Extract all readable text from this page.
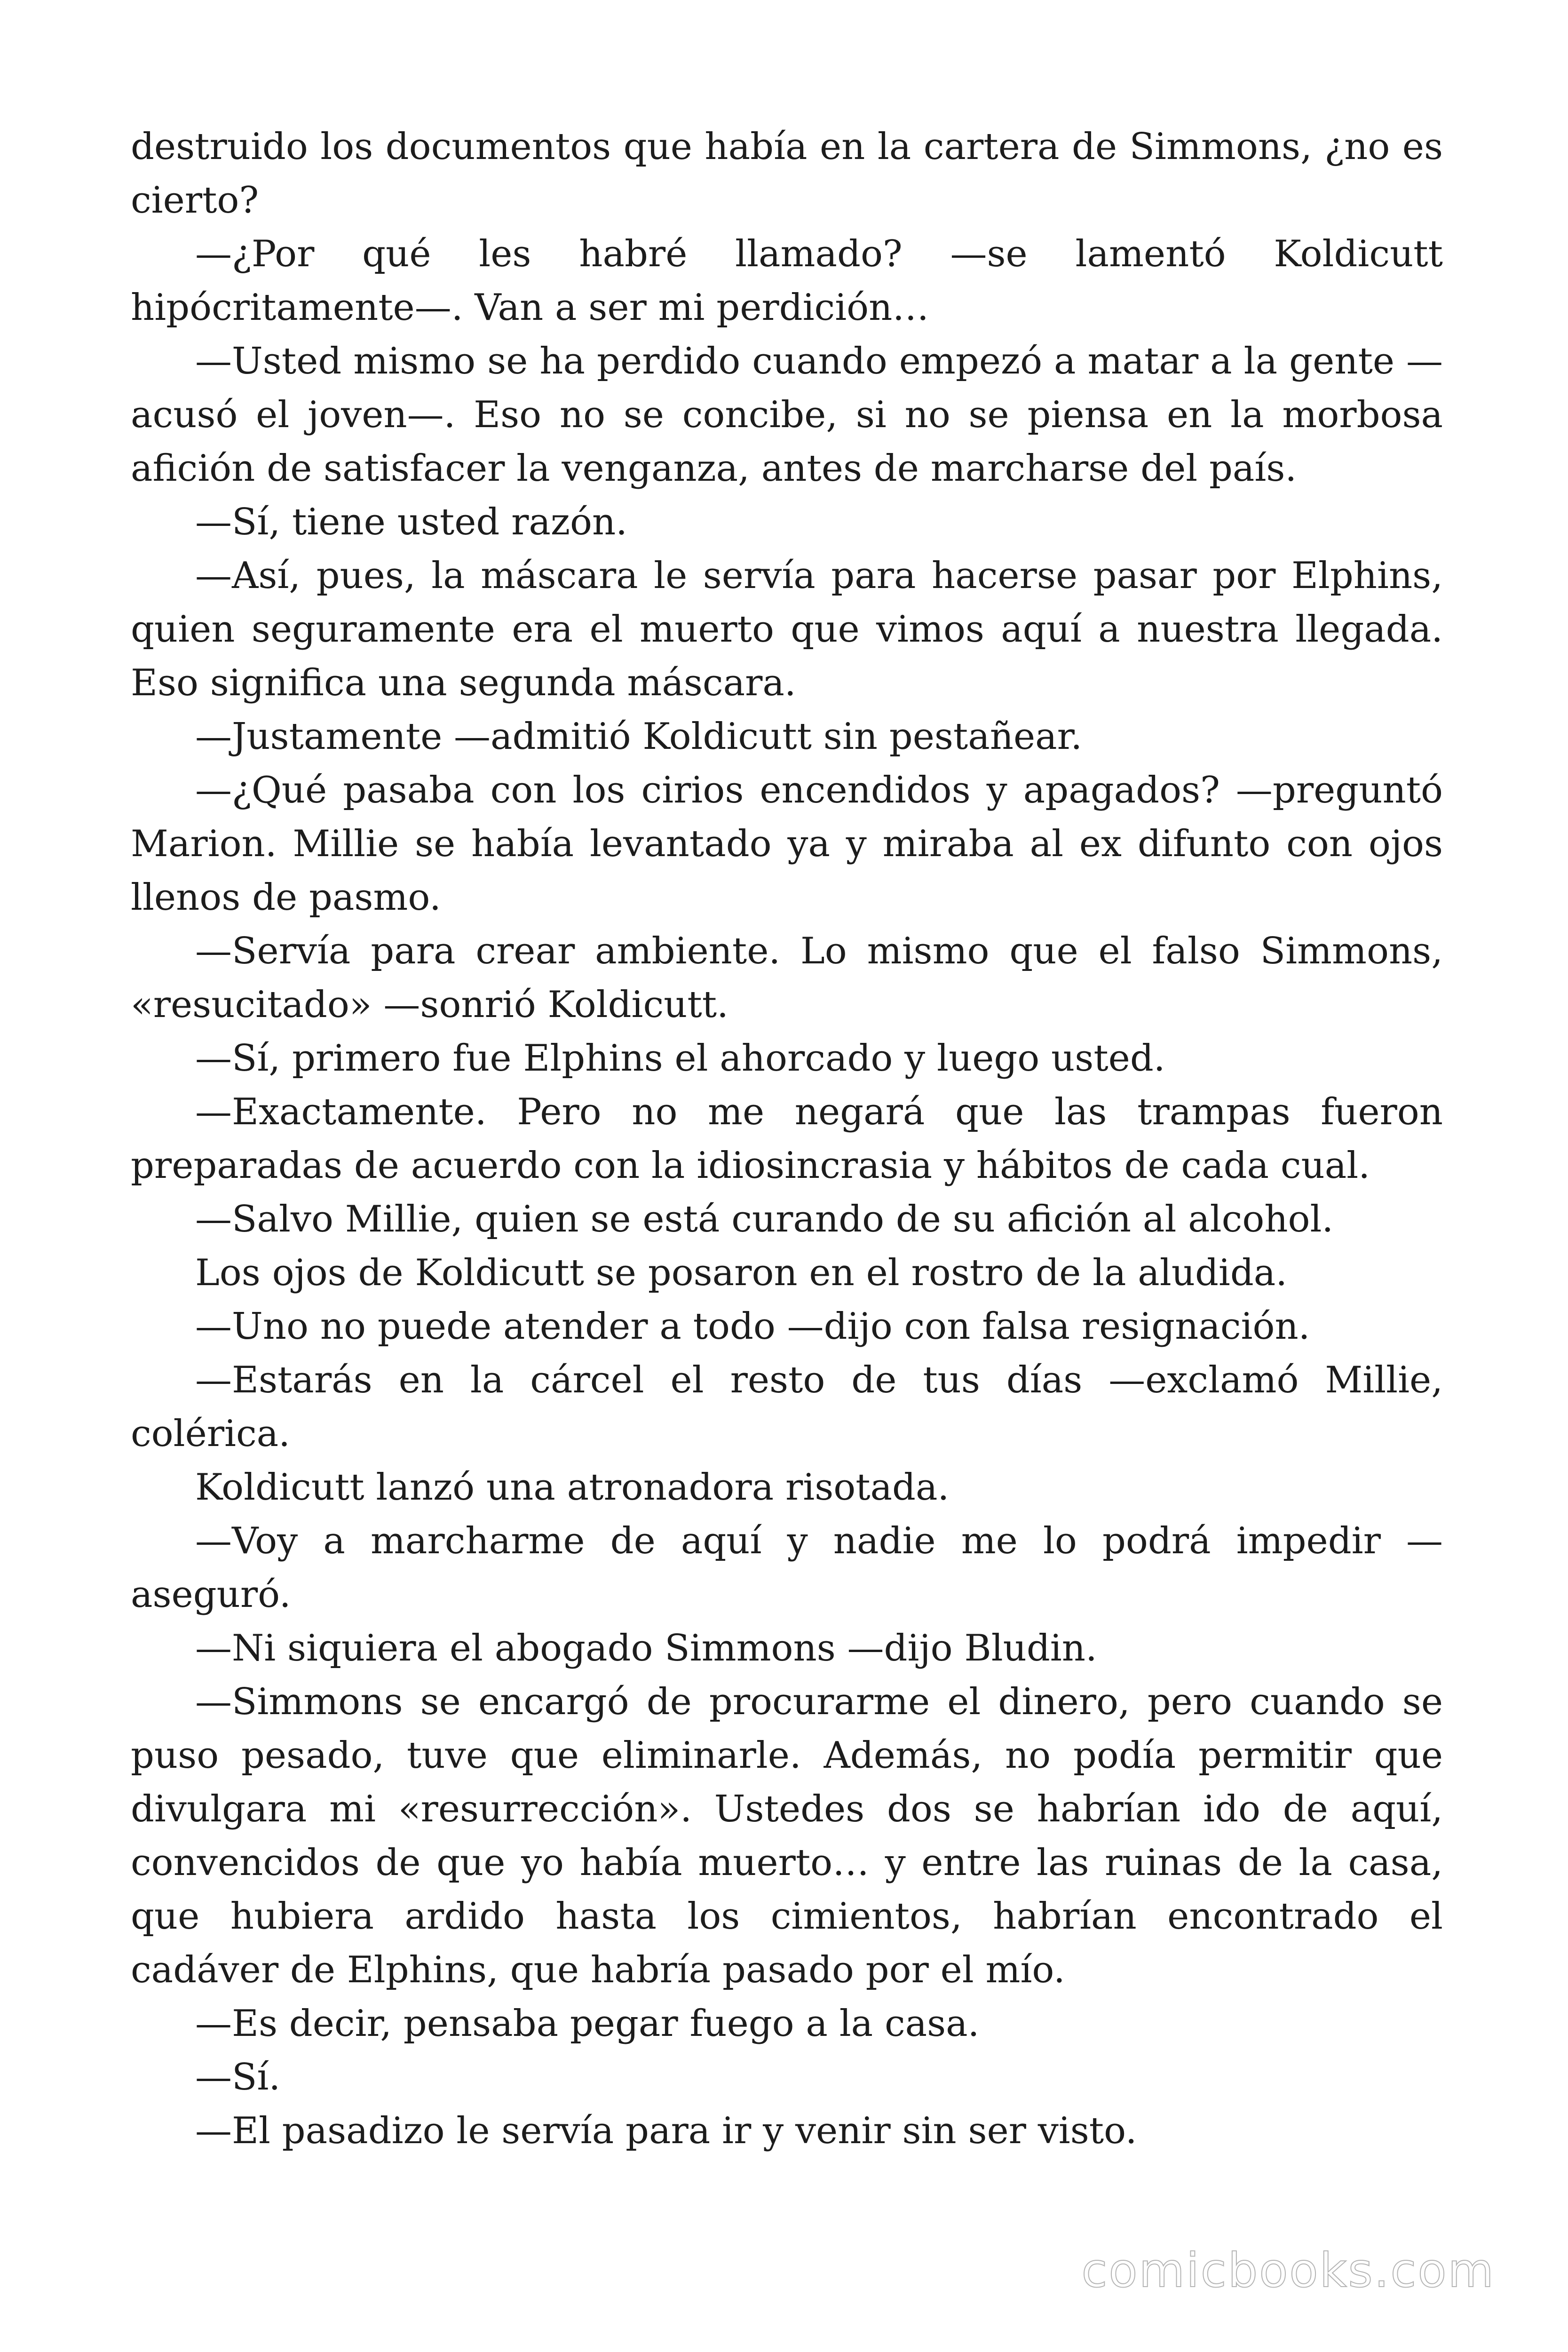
destruido los documentos que había en la cartera de Simmons, ¿no es cierto?

—¿Por qué les habré llamado? —se lamentó Koldicutt hipócritamente—. Van a ser mi perdición…

—Usted mismo se ha perdido cuando empezó a matar a la gente —acusó el joven—. Eso no se concibe, si no se piensa en la morbosa afición de satisfacer la venganza, antes de marcharse del país.

—Sí, tiene usted razón.

—Así, pues, la máscara le servía para hacerse pasar por Elphins, quien seguramente era el muerto que vimos aquí a nuestra llegada. Eso significa una segunda máscara.

—Justamente —admitió Koldicutt sin pestañear.

—¿Qué pasaba con los cirios encendidos y apagados? —preguntó Marion. Millie se había levantado ya y miraba al ex difunto con ojos llenos de pasmo.

—Servía para crear ambiente. Lo mismo que el falso Simmons, «resucitado» —sonrió Koldicutt.

—Sí, primero fue Elphins el ahorcado y luego usted.

—Exactamente. Pero no me negará que las trampas fueron preparadas de acuerdo con la idiosincrasia y hábitos de cada cual.

—Salvo Millie, quien se está curando de su afición al alcohol.

Los ojos de Koldicutt se posaron en el rostro de la aludida.

—Uno no puede atender a todo —dijo con falsa resignación.

—Estarás en la cárcel el resto de tus días —exclamó Millie, colérica.

Koldicutt lanzó una atronadora risotada.

—Voy a marcharme de aquí y nadie me lo podrá impedir —aseguró.

—Ni siquiera el abogado Simmons —dijo Bludin.

—Simmons se encargó de procurarme el dinero, pero cuando se puso pesado, tuve que eliminarle. Además, no podía permitir que divulgara mi «resurrección». Ustedes dos se habrían ido de aquí, convencidos de que yo había muerto… y entre las ruinas de la casa, que hubiera ardido hasta los cimientos, habrían encontrado el cadáver de Elphins, que habría pasado por el mío.

—Es decir, pensaba pegar fuego a la casa.

—Sí.

—El pasadizo le servía para ir y venir sin ser visto.

comicbooks.com
